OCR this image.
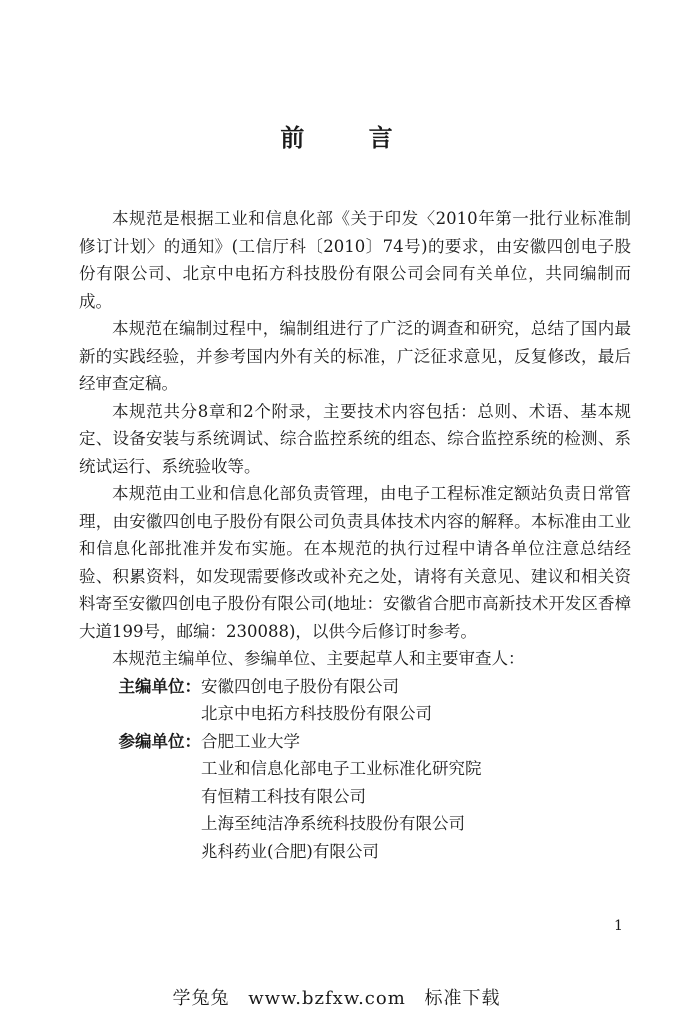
前 言

本规范是根据工业和信息化部《关于印发〈2010年第一批行业标准制修订计划〉的通知》(工信厅科〔2010〕74号)的要求，由安徽四创电子股份有限公司、北京中电拓方科技股份有限公司会同有关单位，共同编制而成。

本规范在编制过程中，编制组进行了广泛的调查和研究，总结了国内最新的实践经验，并参考国内外有关的标准，广泛征求意见，反复修改，最后经审查定稿。

本规范共分8章和2个附录，主要技术内容包括：总则、术语、基本规定、设备安装与系统调试、综合监控系统的组态、综合监控系统的检测、系统试运行、系统验收等。

本规范由工业和信息化部负责管理，由电子工程标准定额站负责日常管理，由安徽四创电子股份有限公司负责具体技术内容的解释。本标准由工业和信息化部批准并发布实施。在本规范的执行过程中请各单位注意总结经验、积累资料，如发现需要修改或补充之处，请将有关意见、建议和相关资料寄至安徽四创电子股份有限公司(地址：安徽省合肥市高新技术开发区香樟大道199号，邮编：230088)，以供今后修订时参考。

本规范主编单位、参编单位、主要起草人和主要审查人：

主编单位： 安徽四创电子股份有限公司
北京中电拓方科技股份有限公司
参编单位： 合肥工业大学
工业和信息化部电子工业标准化研究院
有恒精工科技有限公司
上海至纯洁净系统科技股份有限公司
兆科药业(合肥)有限公司
1
学兔兔 www.bzfxw.com 标准下载
